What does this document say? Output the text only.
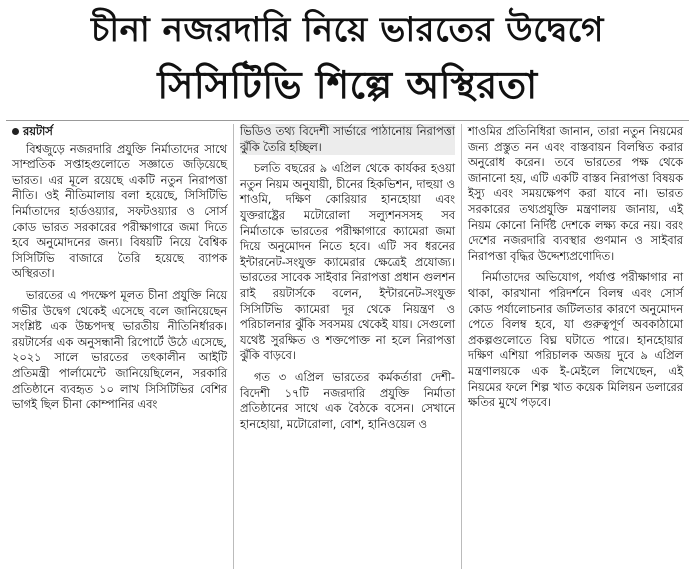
চীনা নজরদারি নিয়ে ভারতের উদ্বেগে
সিসিটিভি শিল্পে অস্থিরতা
রয়টার্স

বিশ্বজুড়ে নজরদারি প্রযুক্তি নির্মাতাদের সাথে সাম্প্রতিক সপ্তাহগুলোতে সজ্ঞাতে জড়িয়েছে ভারত। এর মূলে রয়েছে একটি নতুন নিরাপত্তা নীতি। ওই নীতিমালায় বলা হয়েছে, সিসিটিভি নির্মাতাদের হার্ডওয়্যার, সফটওয়্যার ও সোর্স কোড ভারত সরকারের পরীক্ষাগারে জমা দিতে হবে অনুমোদনের জন্য। বিষয়টি নিয়ে বৈশ্বিক সিসিটিভি বাজারে তৈরি হয়েছে ব্যাপক অস্থিরতা।

ভারতের এ পদক্ষেপ মূলত চীনা প্রযুক্তি নিয়ে গভীর উদ্বেগ থেকেই এসেছে বলে জানিয়েছেন সংশ্লিষ্ট এক উচ্চপদস্থ ভারতীয় নীতিনির্ধারক। রয়টার্সের এক অনুসন্ধানী রিপোর্টে উঠে এসেছে, ২০২১ সালে ভারতের তৎকালীন আইটি প্রতিমন্ত্রী পার্লামেন্টে জানিয়েছিলেন, সরকারি প্রতিষ্ঠানে ব্যবহৃত ১০ লাখ সিসিটিভির বেশির ভাগই ছিল চীনা কোম্পানির এবং

ভিডিও তথ্য বিদেশী সার্ভারে পাঠানোয় নিরাপত্তা ঝুঁকি তৈরি হচ্ছিল।

চলতি বছরের ৯ এপ্রিল থেকে কার্যকর হওয়া নতুন নিয়ম অনুযায়ী, চীনের হিকভিশন, দাহুয়া ও শাওমি, দক্ষিণ কোরিয়ার হানহোয়া এবং যুক্তরাষ্ট্রের মটোরোলা সল্যুশনসসহ সব নির্মাতাকে ভারতের পরীক্ষাগারে ক্যামেরা জমা দিয়ে অনুমোদন নিতে হবে। এটি সব ধরনের ইন্টারনেট-সংযুক্ত ক্যামেরার ক্ষেত্রেই প্রযোজ্য। ভারতের সাবেক সাইবার নিরাপত্তা প্রধান গুলশন রাই রয়টার্সকে বলেন, ইন্টারনেট-সংযুক্ত সিসিটিভি ক্যামেরা দূর থেকে নিয়ন্ত্রণ ও পরিচালনার ঝুঁকি সবসময় থেকেই যায়। সেগুলো যথেষ্ট সুরক্ষিত ও শক্তপোক্ত না হলে নিরাপত্তা ঝুঁকি বাড়বে।

গত ৩ এপ্রিল ভারতের কর্মকর্তারা দেশী-বিদেশী ১৭টি নজরদারি প্রযুক্তি নির্মাতা প্রতিষ্ঠানের সাথে এক বৈঠকে বসেন। সেখানে হানহোয়া, মটোরোলা, বোশ, হানিওয়েল ও

শাওমির প্রতিনিধিরা জানান, তারা নতুন নিয়মের জন্য প্রস্তুত নন এবং বাস্তবায়ন বিলম্বিত করার অনুরোধ করেন। তবে ভারতের পক্ষ থেকে জানানো হয়, এটি একটি বাস্তব নিরাপত্তা বিষয়ক ইস্যু এবং সময়ক্ষেপণ করা যাবে না। ভারত সরকারের তথ্যপ্রযুক্তি মন্ত্রণালয় জানায়, এই নিয়ম কোনো নির্দিষ্ট দেশকে লক্ষ্য করে নয়। বরং দেশের নজরদারি ব্যবস্থার গুণমান ও সাইবার নিরাপত্তা বৃদ্ধির উদ্দেশ্যপ্রণোদিত।

নির্মাতাদের অভিযোগ, পর্যাপ্ত পরীক্ষাগার না থাকা, কারখানা পরিদর্শনে বিলম্ব এবং সোর্স কোড পর্যালোচনার জটিলতার কারণে অনুমোদন পেতে বিলম্ব হবে, যা গুরুত্বপূর্ণ অবকাঠামো প্রকল্পগুলোতে বিঘ্ন ঘটাতে পারে। হানহোয়ার দক্ষিণ এশিয়া পরিচালক অজয় দুবে ৯ এপ্রিল মন্ত্রণালয়কে এক ই-মেইলে লিখেছেন, এই নিয়মের ফলে শিল্প খাত কয়েক মিলিয়ন ডলারের ক্ষতির মুখে পড়বে।
